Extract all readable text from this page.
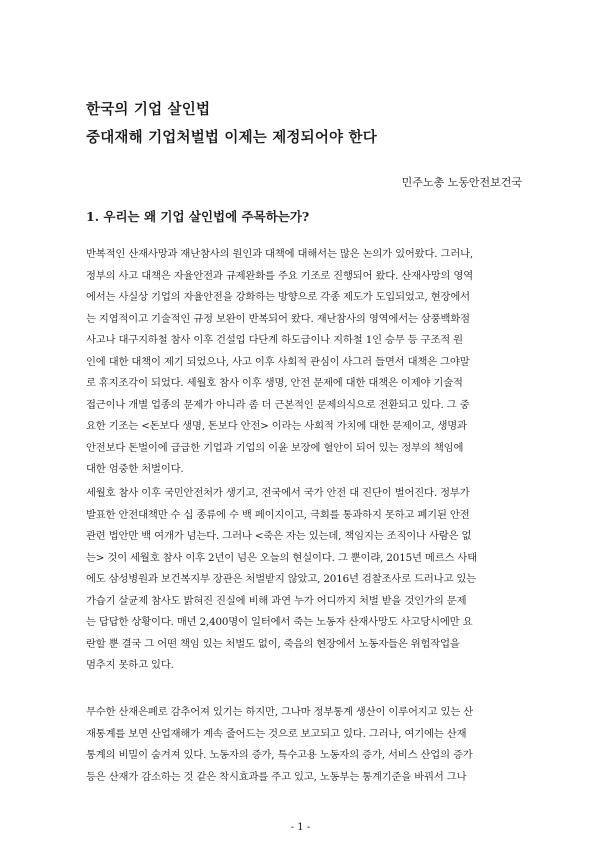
한국의 기업 살인법
중대재해 기업처벌법 이제는 제정되어야 한다
민주노총 노동안전보건국
1. 우리는 왜 기업 살인법에 주목하는가?
반복적인 산재사망과 재난참사의 원인과 대책에 대해서는 많은 논의가 있어왔다. 그러나,
정부의 사고 대책은 자율안전과 규제완화를 주요 기조로 진행되어 왔다. 산재사망의 영역
에서는 사실상 기업의 자율안전을 강화하는 방향으로 각종 제도가 도입되었고, 현장에서
는 지엽적이고 기술적인 규정 보완이 반복되어 왔다. 재난참사의 영역에서는 삼풍백화점
사고나 대구지하철 참사 이후 건설업 다단계 하도급이나 지하철 1인 승무 등 구조적 원
인에 대한 대책이 제기 되었으나, 사고 이후 사회적 관심이 사그러 들면서 대책은 그야말
로 휴지조각이 되었다. 세월호 참사 이후 생명, 안전 문제에 대한 대책은 이제야 기술적
접근이나 개별 업종의 문제가 아니라 좀 더 근본적인 문제의식으로 전환되고 있다. 그 중
요한 기조는 <돈보다 생명, 돈보다 안전> 이라는 사회적 가치에 대한 문제이고, 생명과
안전보다 돈벌이에 급급한 기업과 기업의 이윤 보장에 혈안이 되어 있는 정부의 책임에
대한 엄중한 처벌이다.
세월호 참사 이후 국민안전처가 생기고, 전국에서 국가 안전 대 진단이 벌어진다. 정부가
발표한 안전대책만 수 십 종류에 수 백 페이지이고, 극회를 통과하지 못하고 폐기된 안전
관련 법안만 백 여개가 넘는다. 그러나 <죽은 자는 있는데, 책임지는 조직이나 사람은 없
는> 것이 세월호 참사 이후 2년이 넘은 오늘의 현실이다. 그 뿐이랴, 2015년 메르스 사태
에도 삼성병원과 보건복지부 장관은 처벌받지 않았고, 2016년 검찰조사로 드러나고 있는
가습기 살균제 참사도 밝혀진 진실에 비해 과연 누가 어디까지 처벌 받을 것인가의 문제
는 답답한 상황이다. 매년 2,400명이 일터에서 죽는 노동자 산재사망도 사고당시에만 요
란할 뿐 결국 그 어떤 책임 있는 처벌도 없이, 죽음의 현장에서 노동자들은 위험작업을
멈추지 못하고 있다.
무수한 산재은폐로 감추어져 있기는 하지만, 그나마 정부통계 생산이 이루어지고 있는 산
재통계를 보면 산업재해가 계속 줄어드는 것으로 보고되고 있다. 그러나, 여기에는 산재
통계의 비밀이 숨겨져 있다. 노동자의 증가, 특수고용 노동자의 증가, 서비스 산업의 증가
등은 산재가 감소하는 것 같은 착시효과를 주고 있고, 노동부는 통계기준을 바꿔서 그나
- 1 -
